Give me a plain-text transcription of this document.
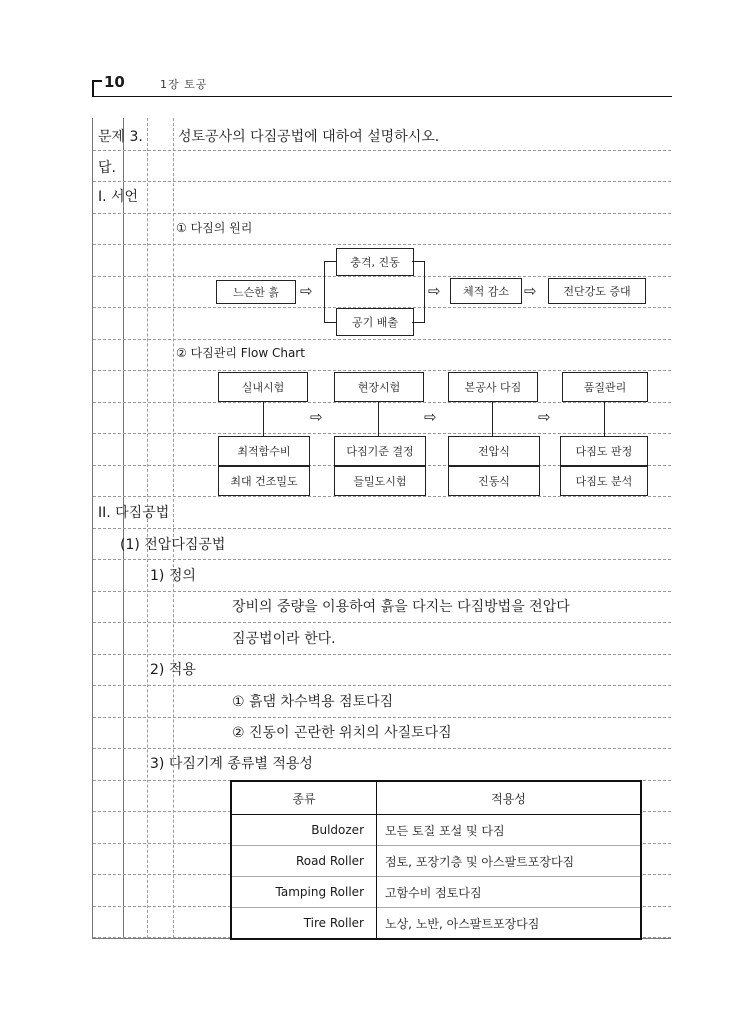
10	1장 토공
문제 3.	성토공사의 다짐공법에 대하여 설명하시오.
답.
I. 서언
① 다짐의 원리
느슨한 흙	⇨
충격, 진동
공기 배출
⇨	체적 감소	⇨	전단강도 증대
② 다짐관리 Flow Chart
실내시험
최적함수비
최대 건조밀도
⇨
현장시험
다짐기준 결정
들밀도시험
⇨
본공사 다짐
전압식
진동식
⇨
품질관리
다짐도 판정
다짐도 분석
II. 다짐공법
(1) 전압다짐공법
1) 정의
장비의 중량을 이용하여 흙을 다지는 다짐방법을 전압다
짐공법이라 한다.
2) 적용
① 흙댐 차수벽용 점토다짐
② 진동이 곤란한 위치의 사질토다짐
3) 다짐기계 종류별 적용성
종류	적용성
Buldozer	모든 토질 포설 및 다짐
Road Roller	점토, 포장기층 및 아스팔트포장다짐
Tamping Roller	고함수비 점토다짐
Tire Roller	노상, 노반, 아스팔트포장다짐
